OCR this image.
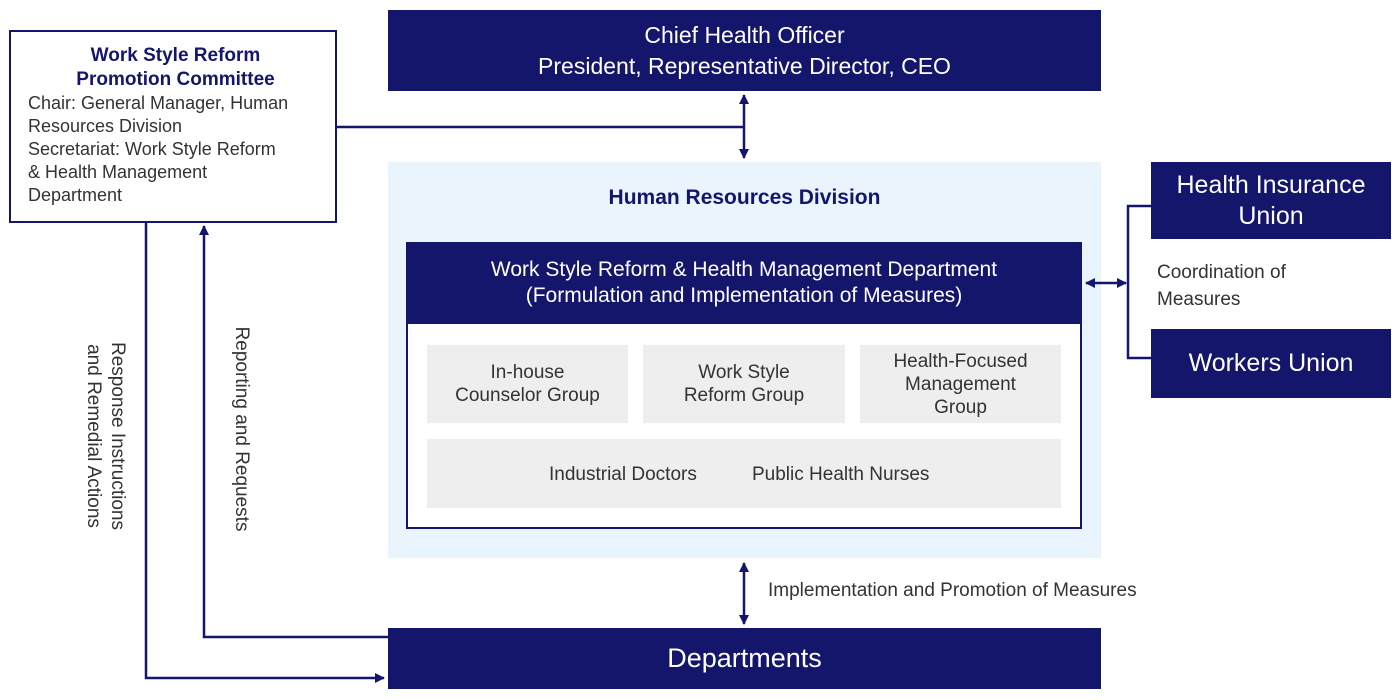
Chief Health Officer
President, Representative Director, CEO
Work Style Reform
Promotion Committee
Chair: General Manager, Human
Resources Division
Secretariat: Work Style Reform
& Health Management
Department	Human Resources Division
Work Style Reform & Health Management Department
(Formulation and Implementation of Measures)
In-house
Counselor Group
Work Style
Reform Group
Health-Focused
Management
Group
Industrial Doctors	Public Health Nurses
Health Insurance
Union
Workers Union
Coordination of
Measures
Departments
Implementation and Promotion of Measures
Response Instructions
and Remedial Actions	Reporting and Requests
